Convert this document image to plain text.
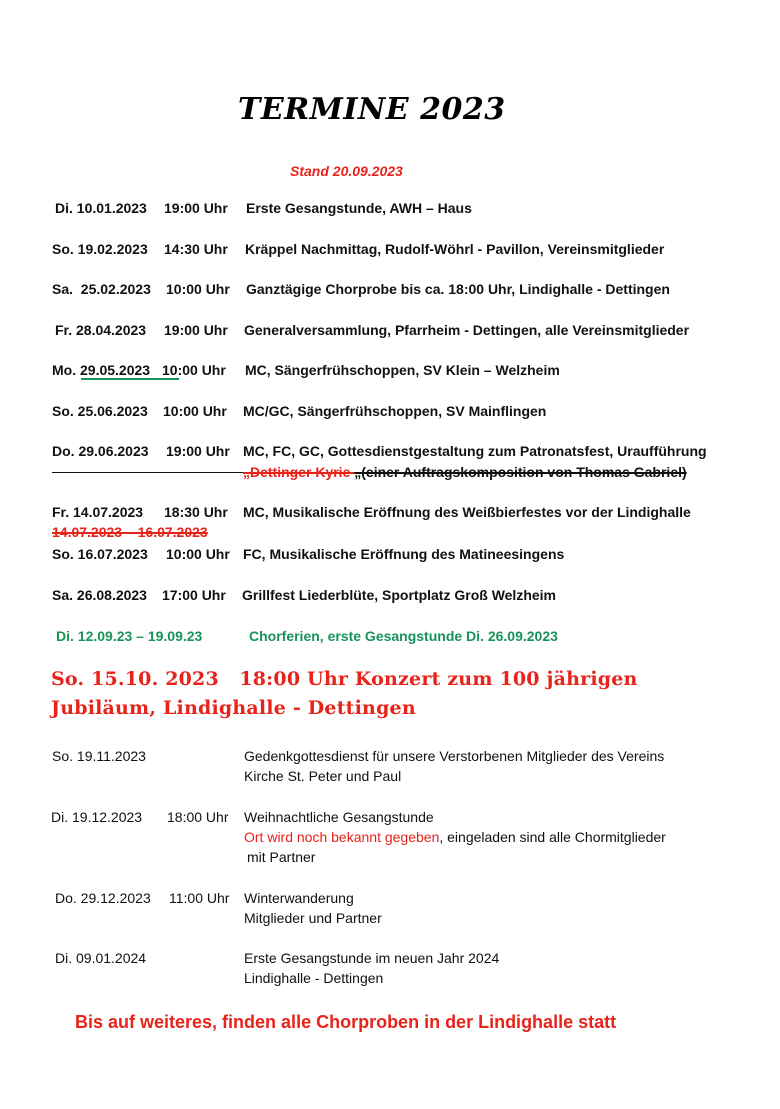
TERMINE 2023
Stand 20.09.2023
Di. 10.01.2023 19:00 Uhr Erste Gesangstunde, AWH – Haus
So. 19.02.2023 14:30 Uhr Kräppel Nachmittag, Rudolf-Wöhrl - Pavillon, Vereinsmitglieder
Sa.  25.02.2023 10:00 Uhr Ganztägige Chorprobe bis ca. 18:00 Uhr, Lindighalle - Dettingen
Fr. 28.04.2023 19:00 Uhr Generalversammlung, Pfarrheim - Dettingen, alle Vereinsmitglieder
Mo. 29.05.2023 10:00 Uhr MC, Sängerfrühschoppen, SV Klein – Welzheim
So. 25.06.2023 10:00 Uhr MC/GC, Sängerfrühschoppen, SV Mainflingen
Do. 29.06.2023 19:00 Uhr MC, FC, GC, Gottesdienstgestaltung zum Patronatsfest, Uraufführung
„Dettinger Kyrie „(einer Auftragskomposition von Thomas Gabriel)
Fr. 14.07.2023 18:30 Uhr MC, Musikalische Eröffnung des Weißbierfestes vor der Lindighalle
14.07.2023 – 16.07.2023
So. 16.07.2023 10:00 Uhr FC, Musikalische Eröffnung des Matineesingens
Sa. 26.08.2023 17:00 Uhr Grillfest Liederblüte, Sportplatz Groß Welzheim
Di. 12.09.23 – 19.09.23	Chorferien, erste Gesangstunde Di. 26.09.2023
So. 15.10. 2023   18:00 Uhr Konzert zum 100 jährigen
Jubiläum, Lindighalle - Dettingen
So. 19.11.2023	Gedenkgottesdienst für unsere Verstorbenen Mitglieder des Vereins
Kirche St. Peter und Paul
Di. 19.12.2023 18:00 Uhr Weihnachtliche Gesangstunde
Ort wird noch bekannt gegeben, eingeladen sind alle Chormitglieder
mit Partner
Do. 29.12.2023 11:00 Uhr Winterwanderung
Mitglieder und Partner
Di. 09.01.2024	Erste Gesangstunde im neuen Jahr 2024
Lindighalle - Dettingen
Bis auf weiteres, finden alle Chorproben in der Lindighalle statt
